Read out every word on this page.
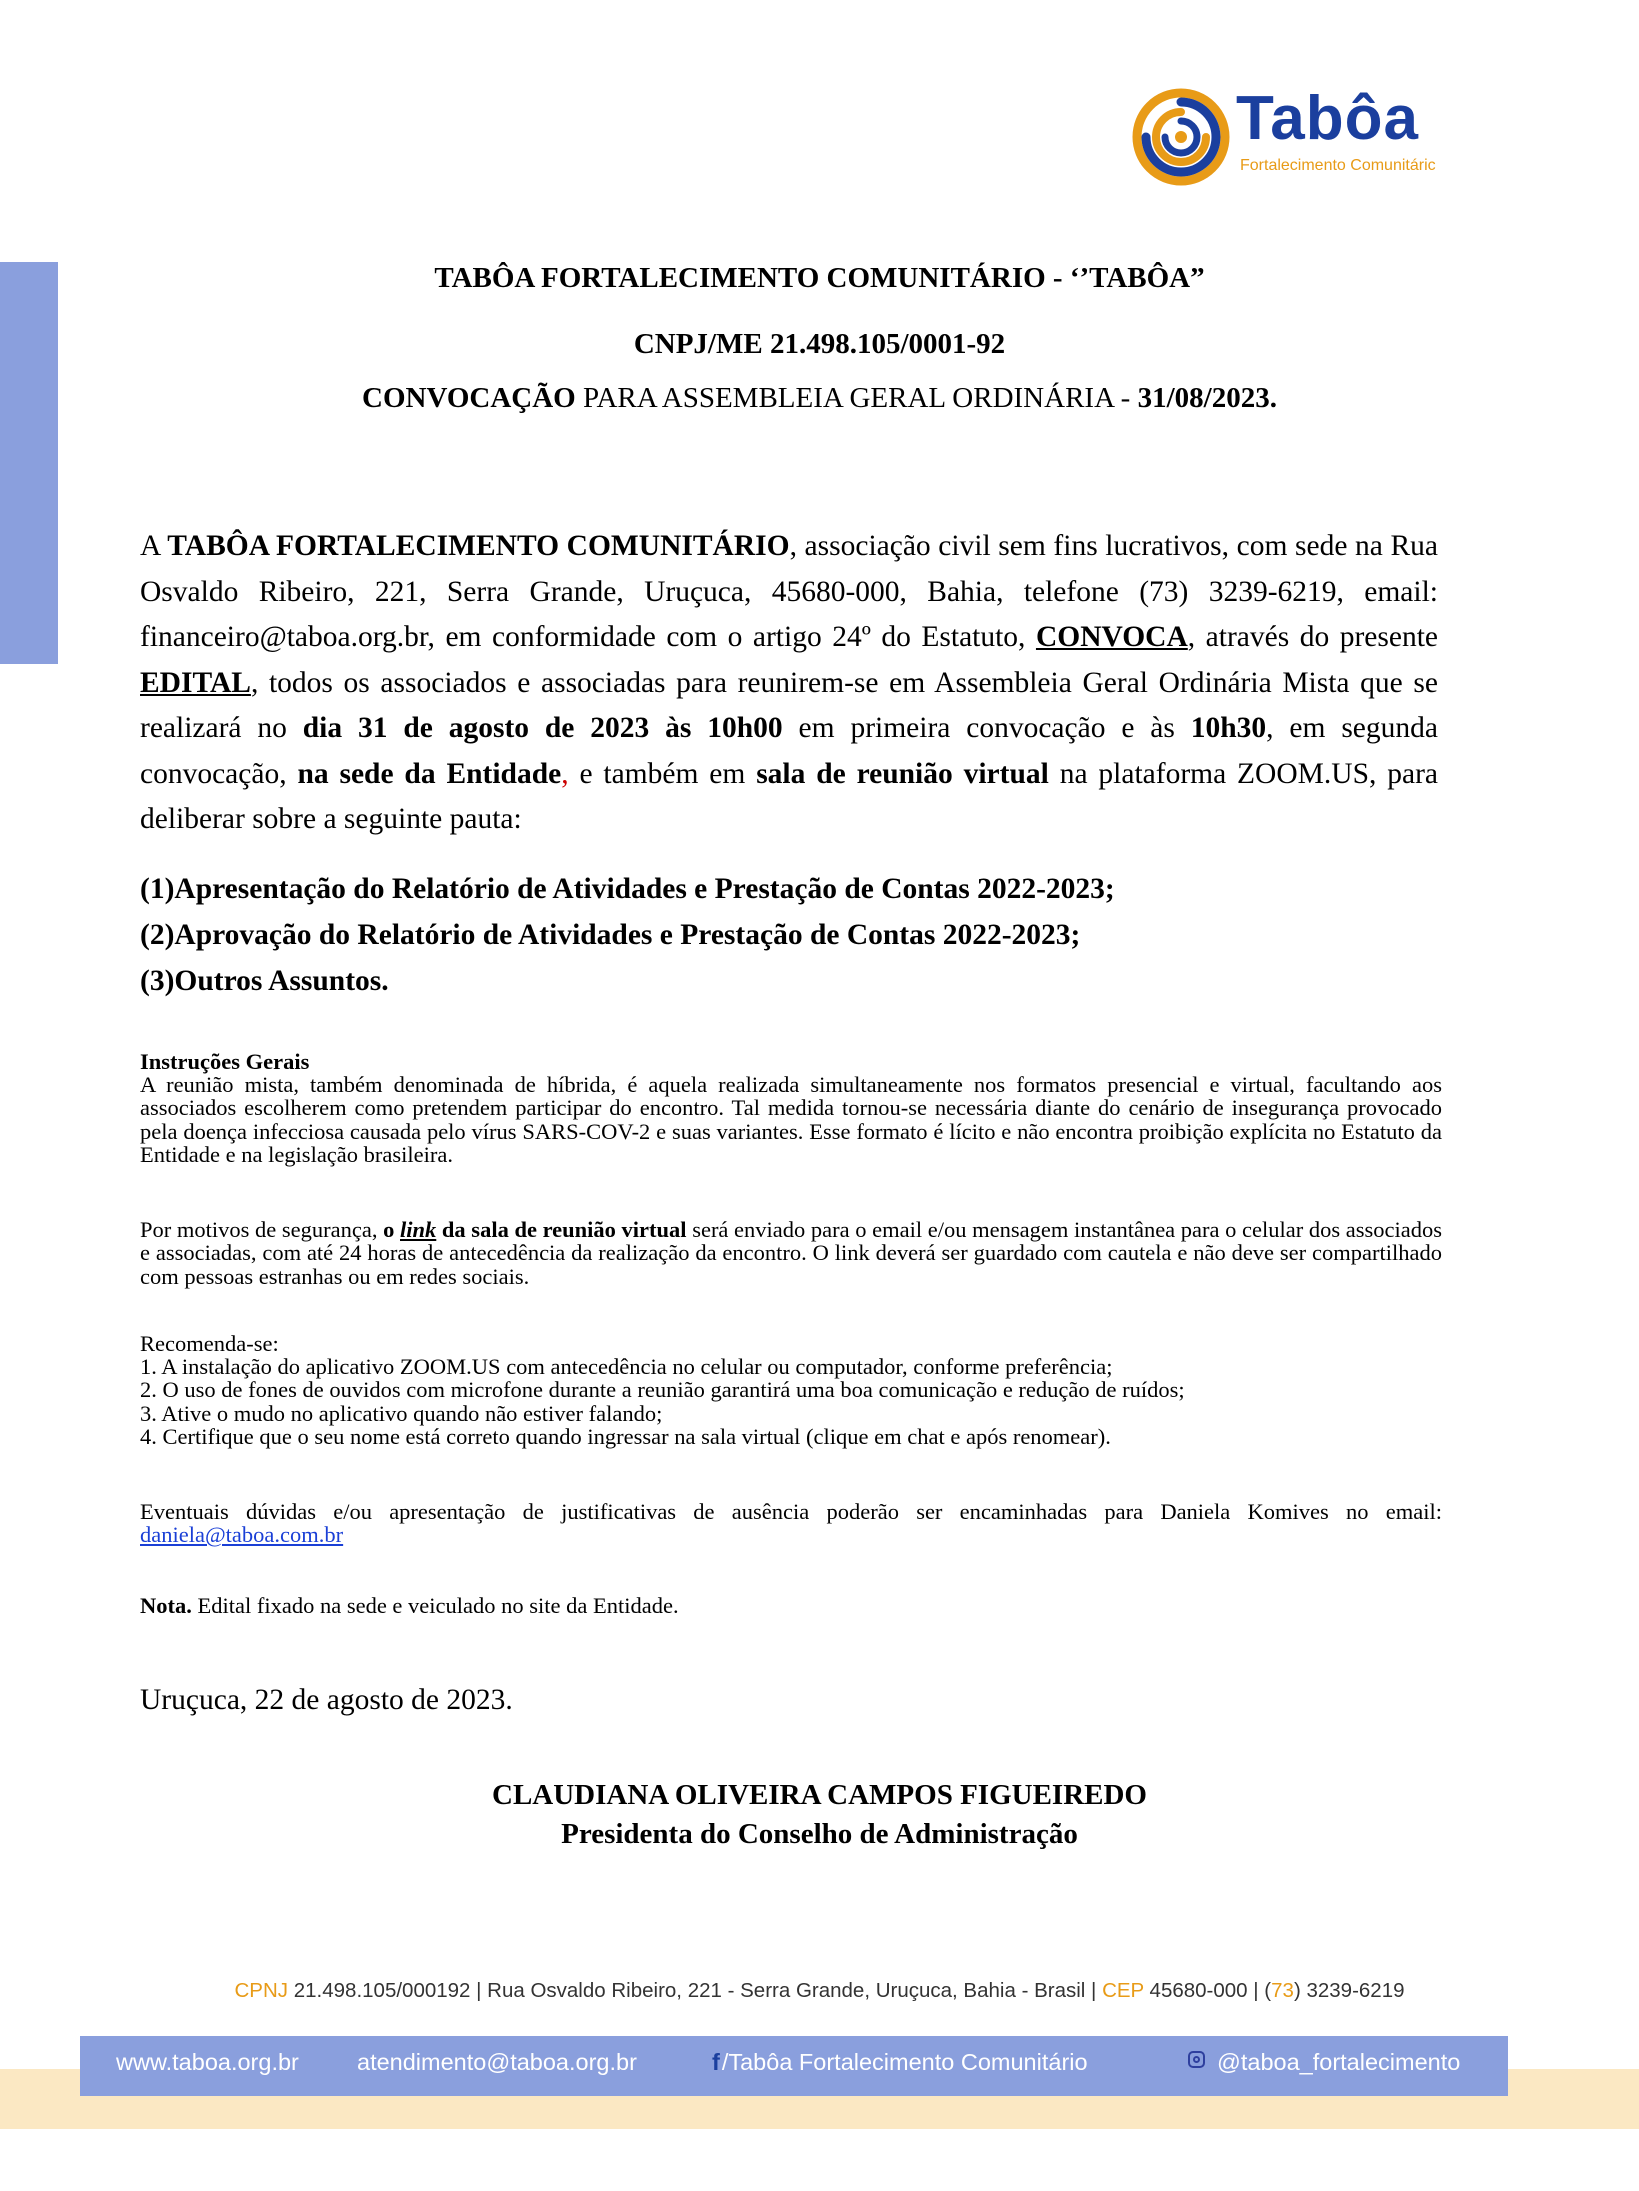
Tabôa
Fortalecimento Comunitáric
TABÔA FORTALECIMENTO COMUNITÁRIO - ‘’TABÔA”
CNPJ/ME 21.498.105/0001-92
CONVOCAÇÃO PARA ASSEMBLEIA GERAL ORDINÁRIA - 31/08/2023.
A TABÔA FORTALECIMENTO COMUNITÁRIO, associação civil sem fins lucrativos, com sede na Rua Osvaldo Ribeiro, 221, Serra Grande, Uruçuca, 45680-000, Bahia, telefone (73) 3239-6219, email: financeiro@taboa.org.br, em conformidade com o artigo 24º do Estatuto, CONVOCA, através do presente EDITAL, todos os associados e associadas para reunirem-se em Assembleia Geral Ordinária Mista que se realizará no dia 31 de agosto de 2023 às 10h00 em primeira convocação e às 10h30, em segunda convocação, na sede da Entidade, e também em sala de reunião virtual na plataforma ZOOM.US, para deliberar sobre a seguinte pauta:
(1)Apresentação do Relatório de Atividades e Prestação de Contas 2022-2023;
(2)Aprovação do Relatório de Atividades e Prestação de Contas 2022-2023;
(3)Outros Assuntos.
Instruções Gerais
A reunião mista, também denominada de híbrida, é aquela realizada simultaneamente nos formatos presencial e virtual, facultando aos associados escolherem como pretendem participar do encontro. Tal medida tornou-se necessária diante do cenário de insegurança provocado pela doença infecciosa causada pelo vírus SARS-COV-2 e suas variantes. Esse formato é lícito e não encontra proibição explícita no Estatuto da Entidade e na legislação brasileira.
Por motivos de segurança, o link da sala de reunião virtual será enviado para o email e/ou mensagem instantânea para o celular dos associados e associadas, com até 24 horas de antecedência da realização da encontro. O link deverá ser guardado com cautela e não deve ser compartilhado com pessoas estranhas ou em redes sociais.
Recomenda-se:
1. A instalação do aplicativo ZOOM.US com antecedência no celular ou computador, conforme preferência;
2. O uso de fones de ouvidos com microfone durante a reunião garantirá uma boa comunicação e redução de ruídos;
3. Ative o mudo no aplicativo quando não estiver falando;
4. Certifique que o seu nome está correto quando ingressar na sala virtual (clique em chat e após renomear).
Eventuais dúvidas e/ou apresentação de justificativas de ausência poderão ser encaminhadas para Daniela Komives no email: daniela@taboa.com.br
Nota. Edital fixado na sede e veiculado no site da Entidade.
Uruçuca, 22 de agosto de 2023.
CLAUDIANA OLIVEIRA CAMPOS FIGUEIREDO
Presidenta do Conselho de Administração
CPNJ 21.498.105/000192 | Rua Osvaldo Ribeiro, 221 - Serra Grande, Uruçuca, Bahia - Brasil | CEP 45680-000 | (73) 3239-6219
www.taboa.org.br atendimento@taboa.org.br	f/Tabôa Fortalecimento Comunitário	@taboa_fortalecimento
